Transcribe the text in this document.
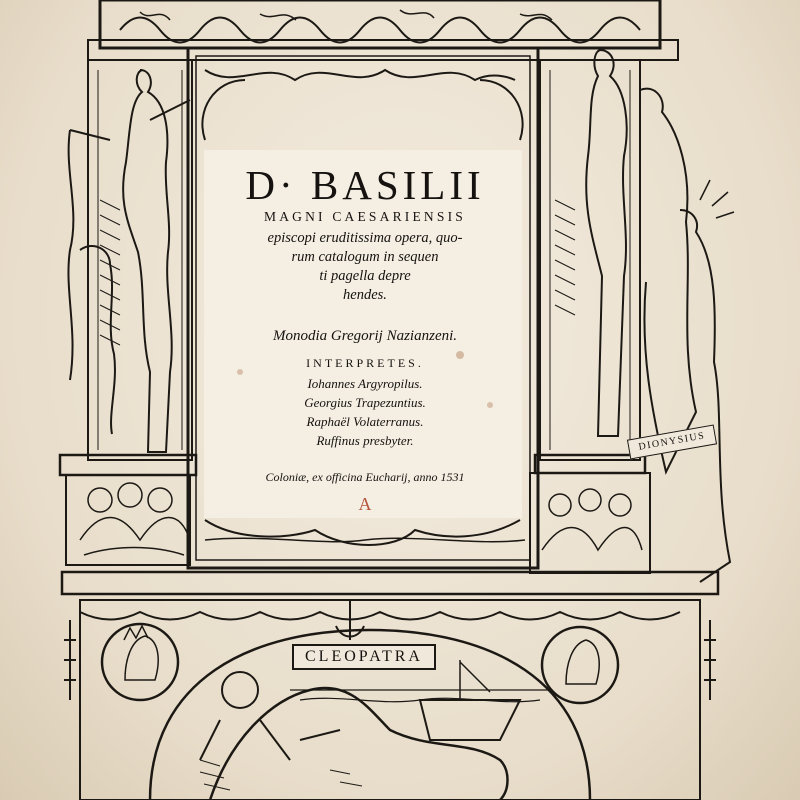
D· BASILII
MAGNI CAESARIENSIS
episcopi eruditissima opera, quo-
rum catalogum in sequen
ti pagella depre
hendes.
Monodia Gregorij Nazianzeni.
INTERPRETES.
Iohannes Argyropilus.
Georgius Trapezuntius.
Raphaël Volaterranus.
Ruffinus presbyter.
Coloniæ, ex officina Eucharij, anno 1531
A
CLEOPATRA
DIONYSIUS
